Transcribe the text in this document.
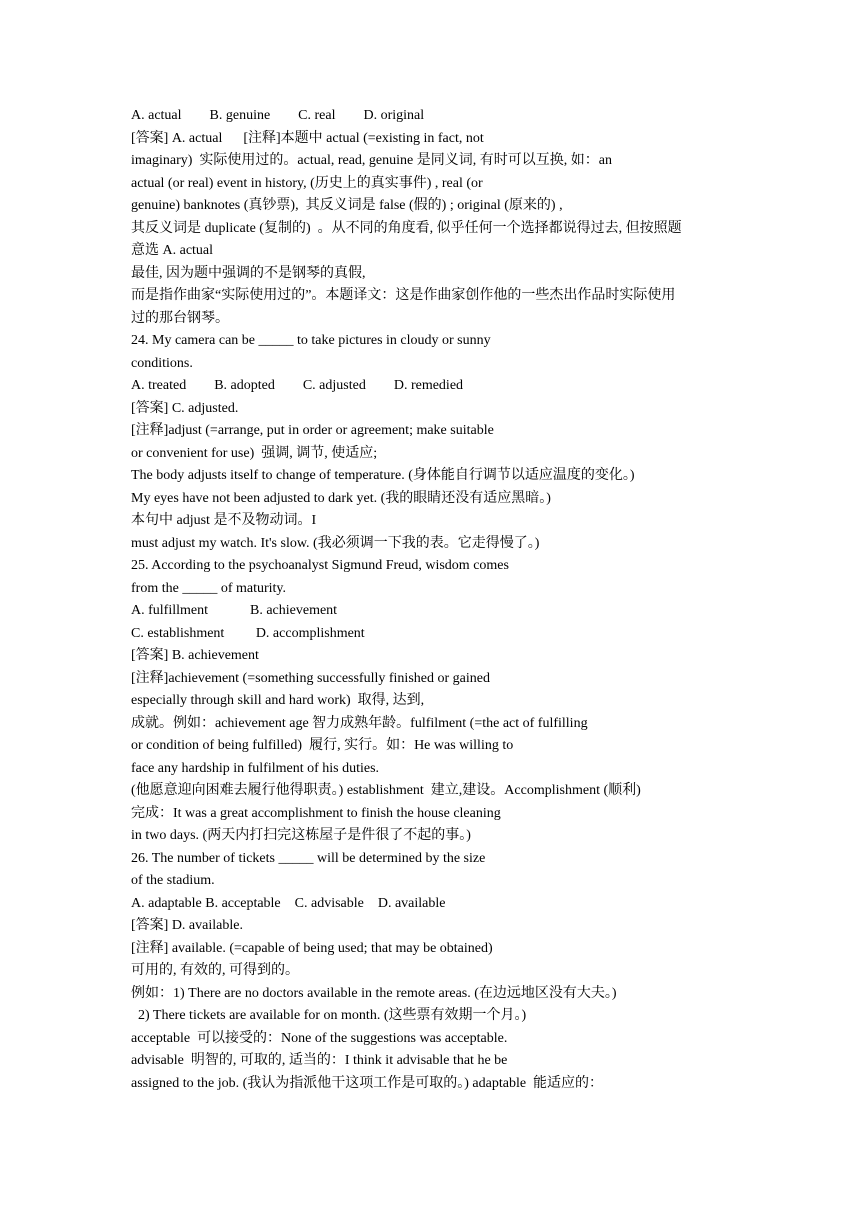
A. actual        B. genuine        C. real        D. original

[答案] A. actual      [注释]本题中 actual (=existing in fact, not

imaginary)  实际使用过的。actual, read, genuine 是同义词, 有时可以互换, 如：an

actual (or real) event in history, (历史上的真实事件) , real (or

genuine) banknotes (真钞票),  其反义词是 false (假的) ; original (原来的) ,

其反义词是 duplicate (复制的)  。从不同的角度看, 似乎任何一个选择都说得过去, 但按照题

意选 A. actual

最佳, 因为题中强调的不是钢琴的真假,

而是指作曲家“实际使用过的”。本题译文：这是作曲家创作他的一些杰出作品时实际使用

过的那台钢琴。

24. My camera can be _____ to take pictures in cloudy or sunny

conditions.

A. treated        B. adopted        C. adjusted        D. remedied

[答案] C. adjusted.

[注释]adjust (=arrange, put in order or agreement; make suitable

or convenient for use)  强调, 调节, 使适应;

The body adjusts itself to change of temperature. (身体能自行调节以适应温度的变化。)

My eyes have not been adjusted to dark yet. (我的眼睛还没有适应黑暗。)

本句中 adjust 是不及物动词。I

must adjust my watch. It's slow. (我必须调一下我的表。它走得慢了。)

25. According to the psychoanalyst Sigmund Freud, wisdom comes

from the _____ of maturity.

A. fulfillment            B. achievement

C. establishment         D. accomplishment

[答案] B. achievement

[注释]achievement (=something successfully finished or gained

especially through skill and hard work)  取得, 达到,

成就。例如：achievement age 智力成熟年龄。fulfilment (=the act of fulfilling

or condition of being fulfilled)  履行, 实行。如：He was willing to

face any hardship in fulfilment of his duties.

(他愿意迎向困难去履行他得职责。) establishment  建立,建设。Accomplishment (顺利)

完成：It was a great accomplishment to finish the house cleaning

in two days. (两天内打扫完这栋屋子是件很了不起的事。)

26. The number of tickets _____ will be determined by the size

of the stadium.

A. adaptable B. acceptable    C. advisable    D. available

[答案] D. available.

[注释] available. (=capable of being used; that may be obtained)

可用的, 有效的, 可得到的。

例如：1) There are no doctors available in the remote areas. (在边远地区没有大夫。)

2) There tickets are available for on month. (这些票有效期一个月。)

acceptable  可以接受的：None of the suggestions was acceptable.

advisable  明智的, 可取的, 适当的：I think it advisable that he be

assigned to the job. (我认为指派他干这项工作是可取的。) adaptable  能适应的：
